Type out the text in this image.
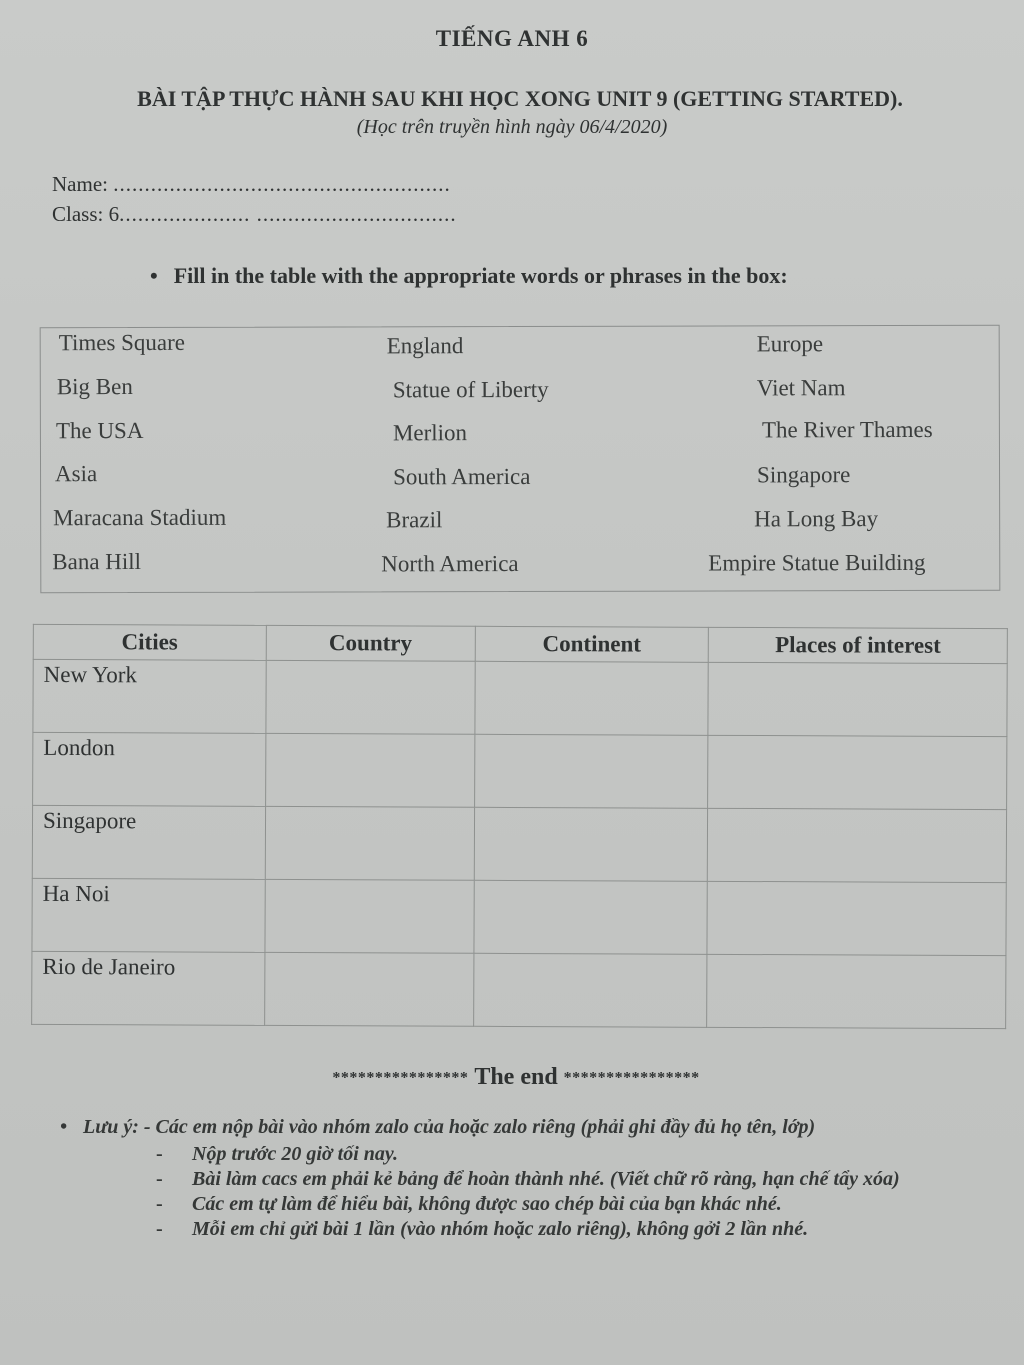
TIẾNG ANH 6
BÀI TẬP THỰC HÀNH SAU KHI HỌC XONG UNIT 9 (GETTING STARTED).
(Học trên truyền hình ngày 06/4/2020)
Name: ......................................................
Class: 6..................... ................................
• Fill in the table with the appropriate words or phrases in the box:
Times Square	England	Europe
Big Ben	Statue of Liberty	Viet Nam
The USA	Merlion	The River Thames
Asia	South America	Singapore
Maracana Stadium	Brazil	Ha Long Bay
Bana Hill	North America	Empire Statue Building
Cities	Country	Continent	Places of interest
New York			
London			
Singapore			
Ha Noi			
Rio de Janeiro			
**************** The end ****************
• Lưu ý: - Các em nộp bài vào nhóm zalo của hoặc zalo riêng (phải ghi đầy đủ họ tên, lớp)
- Nộp trước 20 giờ tối nay.
- Bài làm cacs em phải kẻ bảng để hoàn thành nhé. (Viết chữ rõ ràng, hạn chế tẩy xóa)
- Các em tự làm để hiểu bài, không được sao chép bài của bạn khác nhé.
- Mỗi em chỉ gửi bài 1 lần (vào nhóm hoặc zalo riêng), không gởi 2 lần nhé.
